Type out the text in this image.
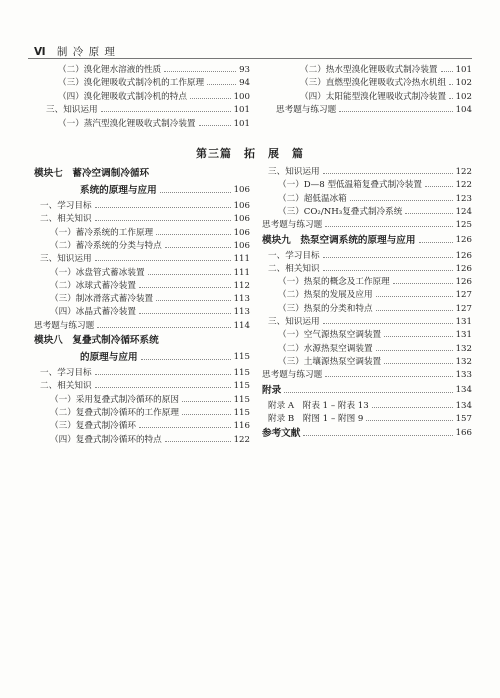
Ⅵ 制 冷 原 理
（二）溴化锂水溶液的性质	93
（三）溴化锂吸收式制冷机的工作原理	94
（四）溴化锂吸收式制冷机的特点	100
三、知识运用	101
（一）蒸汽型溴化锂吸收式制冷装置	101
（二）热水型溴化锂吸收式制冷装置 101
（三）直燃型溴化锂吸收式冷热水机组 102
（四）太阳能型溴化锂吸收式制冷装置 102
思考题与练习题	104
第三篇　拓　展　篇
模块七　蓄冷空调制冷循环
系统的原理与应用	106
一、学习目标	106
二、相关知识	106
（一）蓄冷系统的工作原理	106
（二）蓄冷系统的分类与特点	106
三、知识运用	111
（一）冰盘管式蓄冰装置	111
（二）冰球式蓄冷装置	112
（三）制冰滑落式蓄冷装置	113
（四）冰晶式蓄冷装置	113
思考题与练习题	114
模块八　复叠式制冷循环系统
的原理与应用	115
一、学习目标	115
二、相关知识	115
（一）采用复叠式制冷循环的原因	115
（二）复叠式制冷循环的工作原理	115
（三）复叠式制冷循环	116
（四）复叠式制冷循环的特点	122
三、知识运用	122
（一）D—8 型低温箱复叠式制冷装置	122
（二）超低温冰箱	123
（三）CO₂/NH₃复叠式制冷系统	124
思考题与练习题	125
模块九　热泵空调系统的原理与应用	126
一、学习目标	126
二、相关知识	126
（一）热泵的概念及工作原理	126
（二）热泵的发展及应用	127
（三）热泵的分类和特点	127
三、知识运用	131
（一）空气源热泵空调装置	131
（二）水源热泵空调装置	132
（三）土壤源热泵空调装置	132
思考题与练习题	133
附录	134
附录 A　附表 1 – 附表 13	134
附录 B　附图 1 – 附图 9	157
参考文献	166
